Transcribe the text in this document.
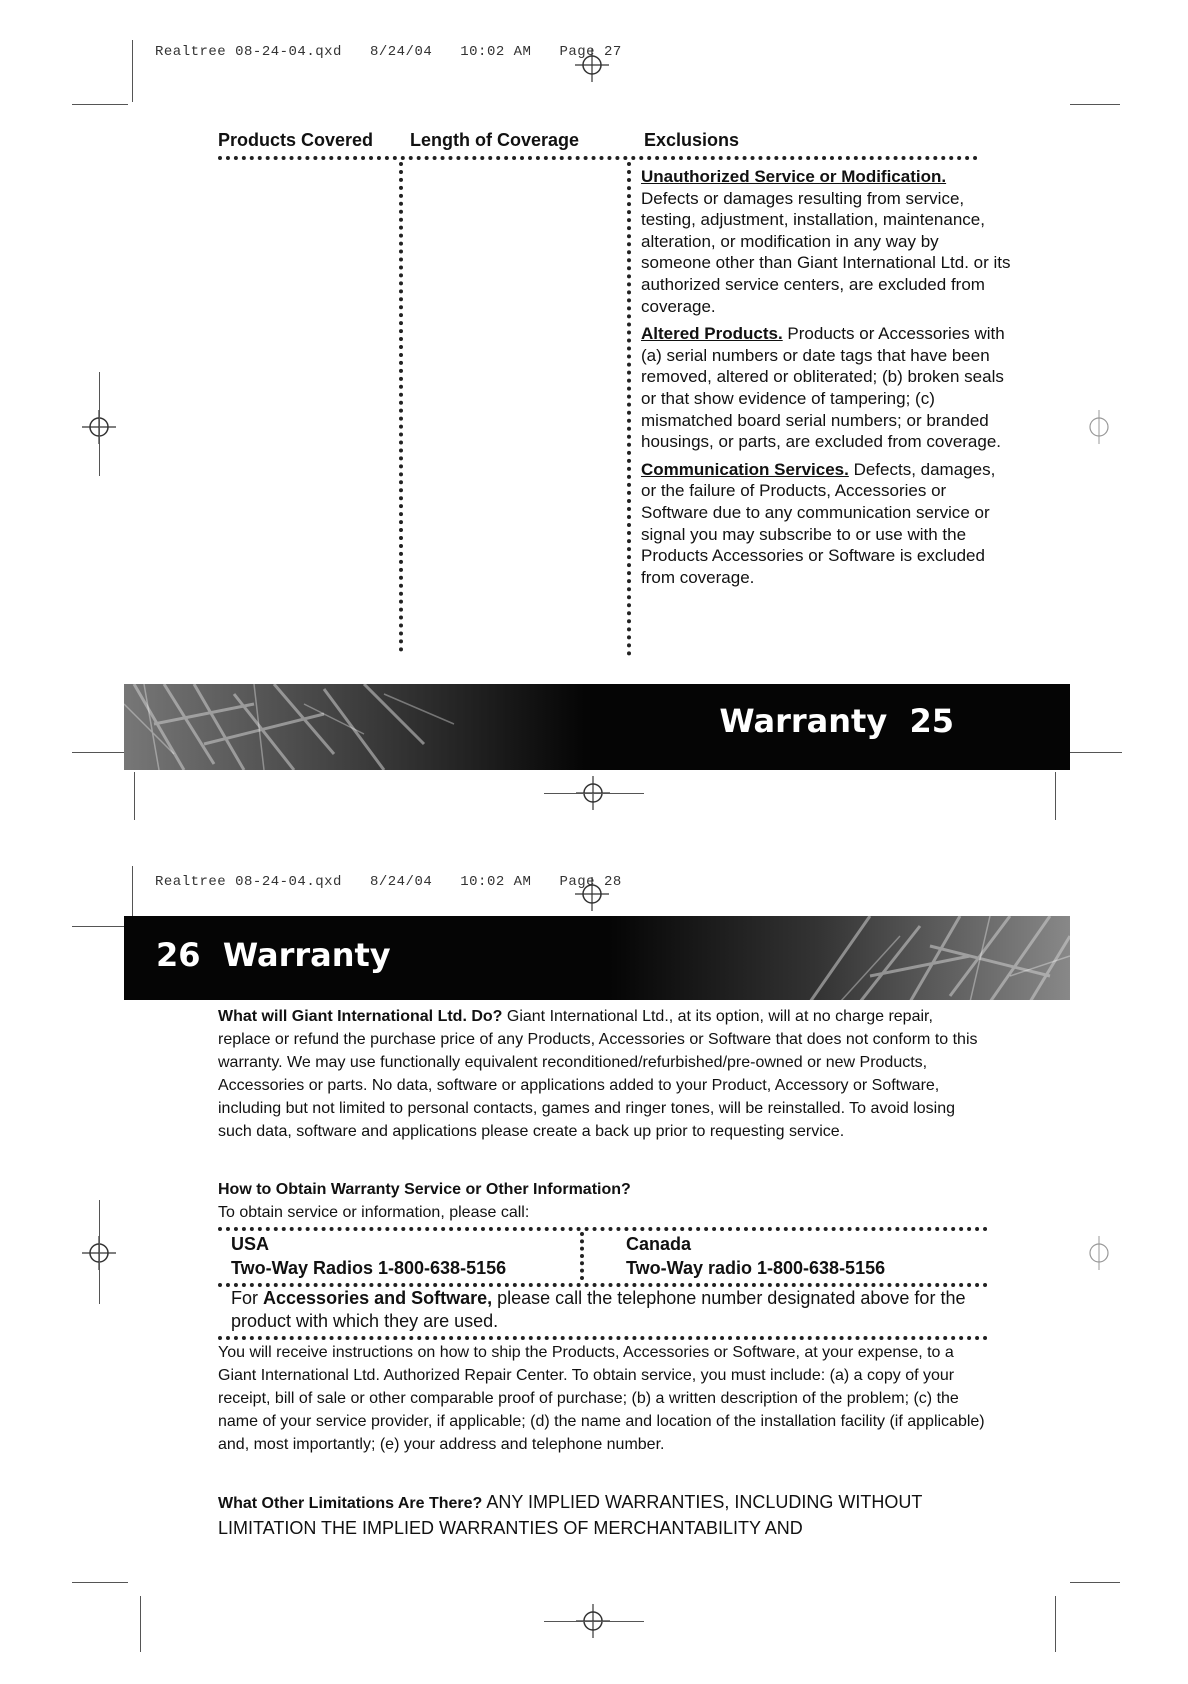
Realtree 08-24-04.qxd 8/24/04 10:02 AM Page 27
Products Covered Length of Coverage	Exclusions

Unauthorized Service or Modification.
Defects or damages resulting from service, testing, adjustment, installation, maintenance, alteration, or modification in any way by someone other than Giant International Ltd. or its authorized service centers, are excluded from coverage.

Altered Products. Products or Accessories with (a) serial numbers or date tags that have been removed, altered or obliterated; (b) broken seals or that show evidence of tampering; (c) mismatched board serial numbers; or branded housings, or parts, are excluded from coverage.

Communication Services. Defects, damages, or the failure of Products, Accessories or Software due to any communication service or signal you may subscribe to or use with the Products Accessories or Software is excluded from coverage.

Warranty 25
Realtree 08-24-04.qxd 8/24/04 10:02 AM Page 28
26 Warranty

What will Giant International Ltd. Do? Giant International Ltd., at its option, will at no charge repair, replace or refund the purchase price of any Products, Accessories or Software that does not conform to this warranty. We may use functionally equivalent reconditioned/refurbished/pre-owned or new Products, Accessories or parts. No data, software or applications added to your Product, Accessory or Software, including but not limited to personal contacts, games and ringer tones, will be reinstalled. To avoid losing such data, software and applications please create a back up prior to requesting service.

How to Obtain Warranty Service or Other Information?

To obtain service or information, please call:

USA
Two-Way Radios 1-800-638-5156
Canada
Two-Way radio 1-800-638-5156
For Accessories and Software, please call the telephone number designated above for the product with which they are used.

You will receive instructions on how to ship the Products, Accessories or Software, at your expense, to a Giant International Ltd. Authorized Repair Center. To obtain service, you must include: (a) a copy of your receipt, bill of sale or other comparable proof of purchase; (b) a written description of the problem; (c) the name of your service provider, if applicable; (d) the name and location of the installation facility (if applicable) and, most importantly; (e) your address and telephone number.

What Other Limitations Are There? ANY IMPLIED WARRANTIES, INCLUDING WITHOUT LIMITATION THE IMPLIED WARRANTIES OF MERCHANTABILITY AND
